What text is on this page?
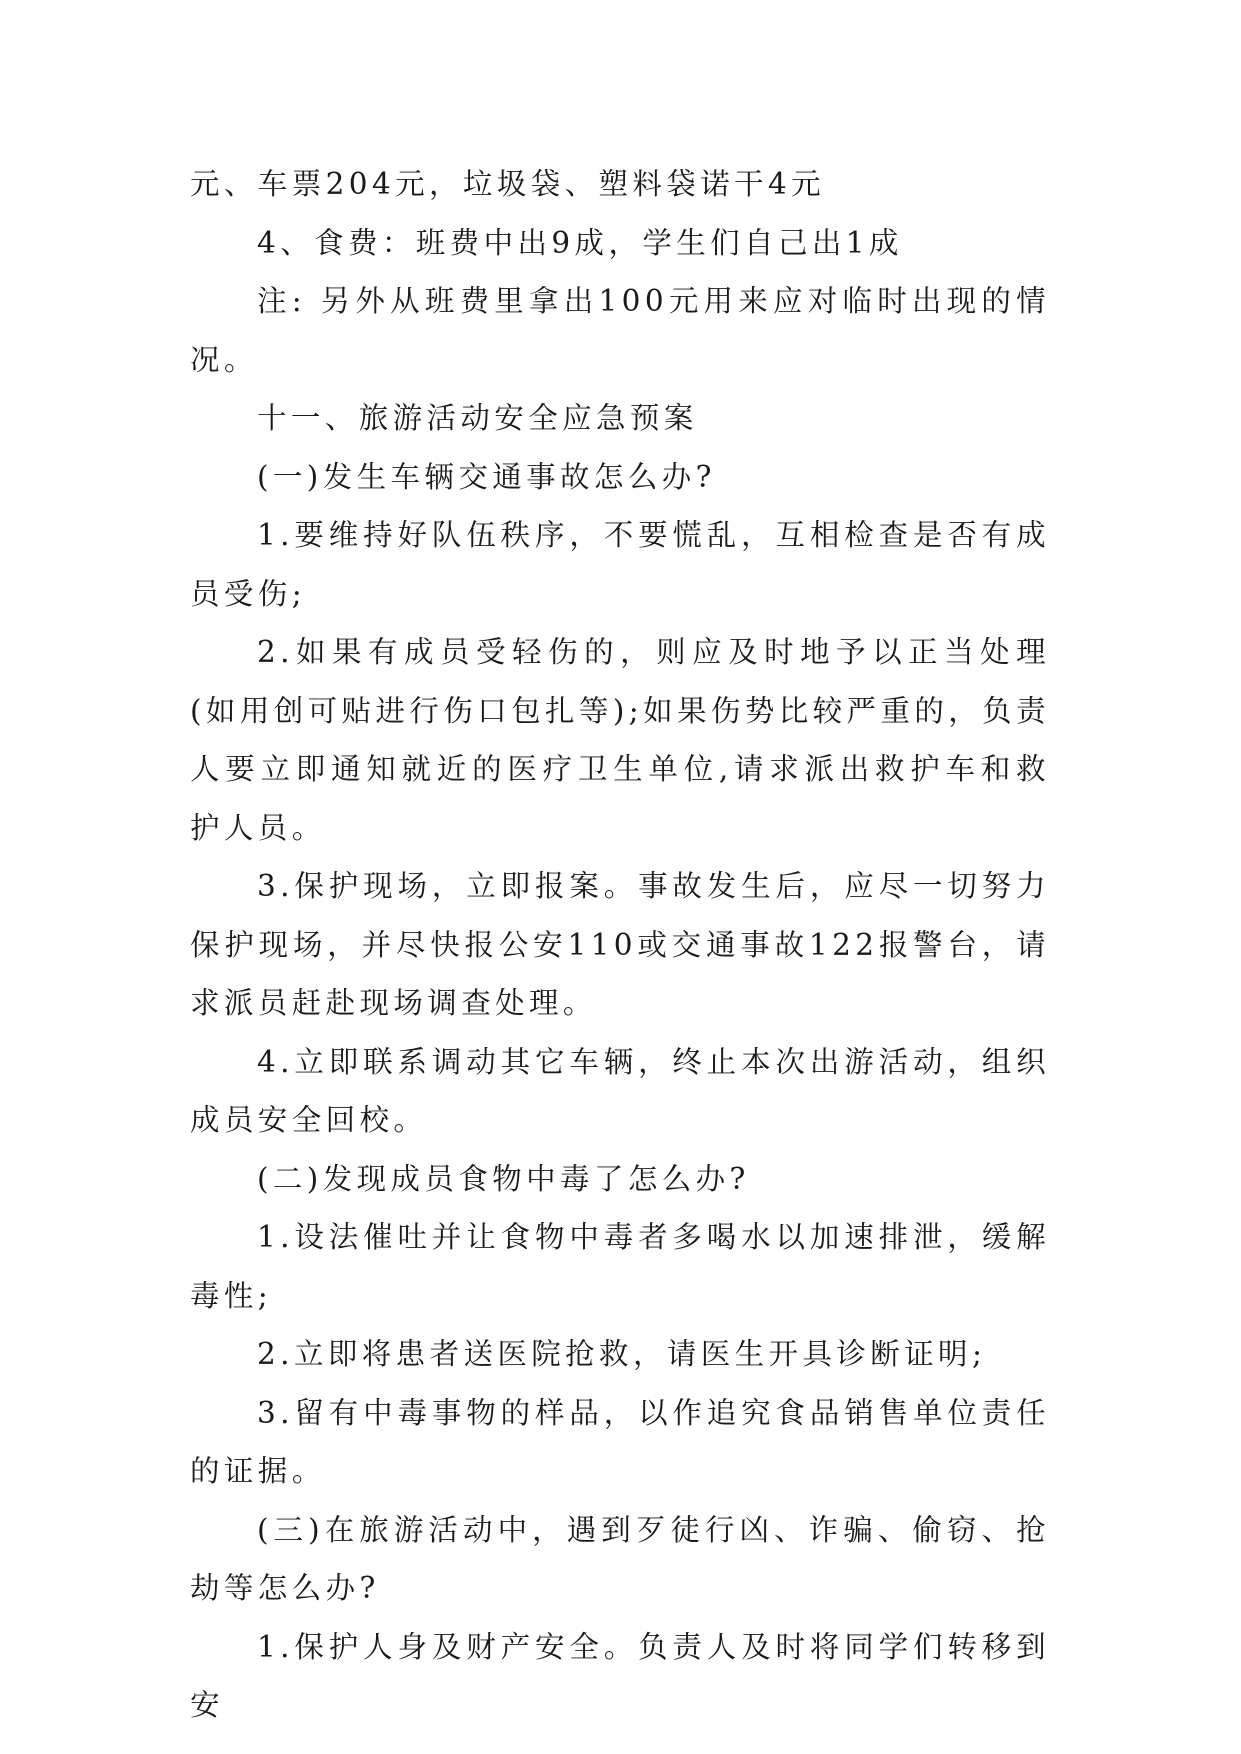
元、车票204元，垃圾袋、塑料袋诺干4元

4、食费：班费中出9成，学生们自己出1成

注: 另外从班费里拿出100元用来应对临时出现的情况。

十一、旅游活动安全应急预案

(一)发生车辆交通事故怎么办?

1.要维持好队伍秩序，不要慌乱，互相检查是否有成员受伤;

2.如果有成员受轻伤的，则应及时地予以正当处理(如用创可贴进行伤口包扎等);如果伤势比较严重的，负责人要立即通知就近的医疗卫生单位,请求派出救护车和救护人员。

3.保护现场，立即报案。事故发生后，应尽一切努力保护现场，并尽快报公安110或交通事故122报警台，请求派员赶赴现场调查处理。

4.立即联系调动其它车辆，终止本次出游活动，组织成员安全回校。

(二)发现成员食物中毒了怎么办?

1.设法催吐并让食物中毒者多喝水以加速排泄，缓解毒性;

2.立即将患者送医院抢救，请医生开具诊断证明;

3.留有中毒事物的样品，以作追究食品销售单位责任的证据。

(三)在旅游活动中，遇到歹徒行凶、诈骗、偷窃、抢劫等怎么办?

1.保护人身及财产安全。负责人及时将同学们转移到安
